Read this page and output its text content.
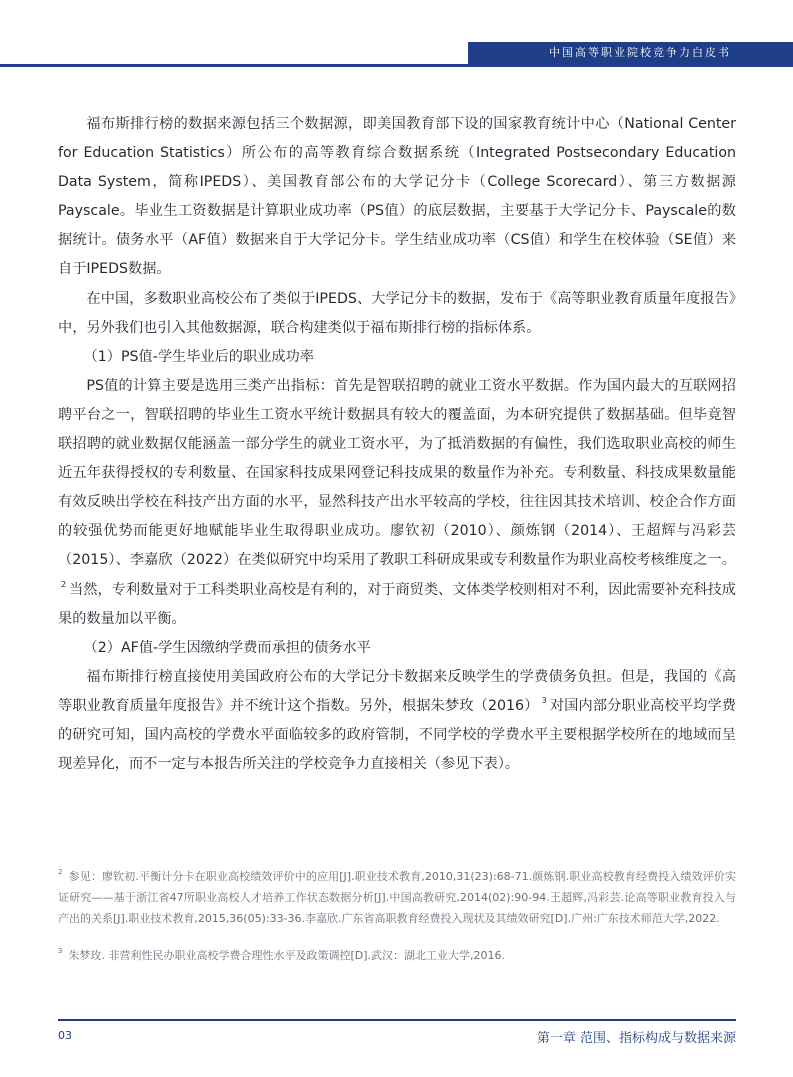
中国高等职业院校竞争力白皮书

福布斯排行榜的数据来源包括三个数据源，即美国教育部下设的国家教育统计中心（National Center for Education Statistics）所公布的高等教育综合数据系统（Integrated Postsecondary Education Data System，简称IPEDS）、美国教育部公布的大学记分卡（College Scorecard）、第三方数据源Payscale。毕业生工资数据是计算职业成功率（PS值）的底层数据，主要基于大学记分卡、Payscale的数据统计。债务水平（AF值）数据来自于大学记分卡。学生结业成功率（CS值）和学生在校体验（SE值）来自于IPEDS数据。

在中国，多数职业高校公布了类似于IPEDS、大学记分卡的数据，发布于《高等职业教育质量年度报告》中，另外我们也引入其他数据源，联合构建类似于福布斯排行榜的指标体系。

（1）PS值-学生毕业后的职业成功率

PS值的计算主要是选用三类产出指标：首先是智联招聘的就业工资水平数据。作为国内最大的互联网招聘平台之一，智联招聘的毕业生工资水平统计数据具有较大的覆盖面，为本研究提供了数据基础。但毕竟智联招聘的就业数据仅能涵盖一部分学生的就业工资水平，为了抵消数据的有偏性，我们选取职业高校的师生近五年获得授权的专利数量、在国家科技成果网登记科技成果的数量作为补充。专利数量、科技成果数量能有效反映出学校在科技产出方面的水平，显然科技产出水平较高的学校，往往因其技术培训、校企合作方面的较强优势而能更好地赋能毕业生取得职业成功。廖钦初（2010）、颜炼钢（2014）、王超辉与冯彩芸（2015）、李嘉欣（2022）在类似研究中均采用了教职工科研成果或专利数量作为职业高校考核维度之一。$^2$ 当然，专利数量对于工科类职业高校是有利的，对于商贸类、文体类学校则相对不利，因此需要补充科技成果的数量加以平衡。

（2）AF值-学生因缴纳学费而承担的债务水平

福布斯排行榜直接使用美国政府公布的大学记分卡数据来反映学生的学费债务负担。但是，我国的《高等职业教育质量年度报告》并不统计这个指数。另外，根据朱梦玫（2016） $^3$ 对国内部分职业高校平均学费的研究可知，国内高校的学费水平面临较多的政府管制，不同学校的学费水平主要根据学校所在的地域而呈现差异化，而不一定与本报告所关注的学校竞争力直接相关（参见下表）。

$^2$ 参见：廖钦初.平衡计分卡在职业高校绩效评价中的应用[J].职业技术教育,2010,31(23):68-71.颜炼钢.职业高校教育经费投入绩效评价实证研究——基于浙江省47所职业高校人才培养工作状态数据分析[J].中国高教研究,2014(02):90-94.王超辉,冯彩芸.论高等职业教育投入与产出的关系[J].职业技术教育,2015,36(05):33-36.李嘉欣.广东省高职教育经费投入现状及其绩效研究[D].广州:广东技术师范大学,2022.

$^3$ 朱梦玫. 非营利性民办职业高校学费合理性水平及政策调控[D].武汉：湖北工业大学,2016.

03	第一章 范围、指标构成与数据来源
